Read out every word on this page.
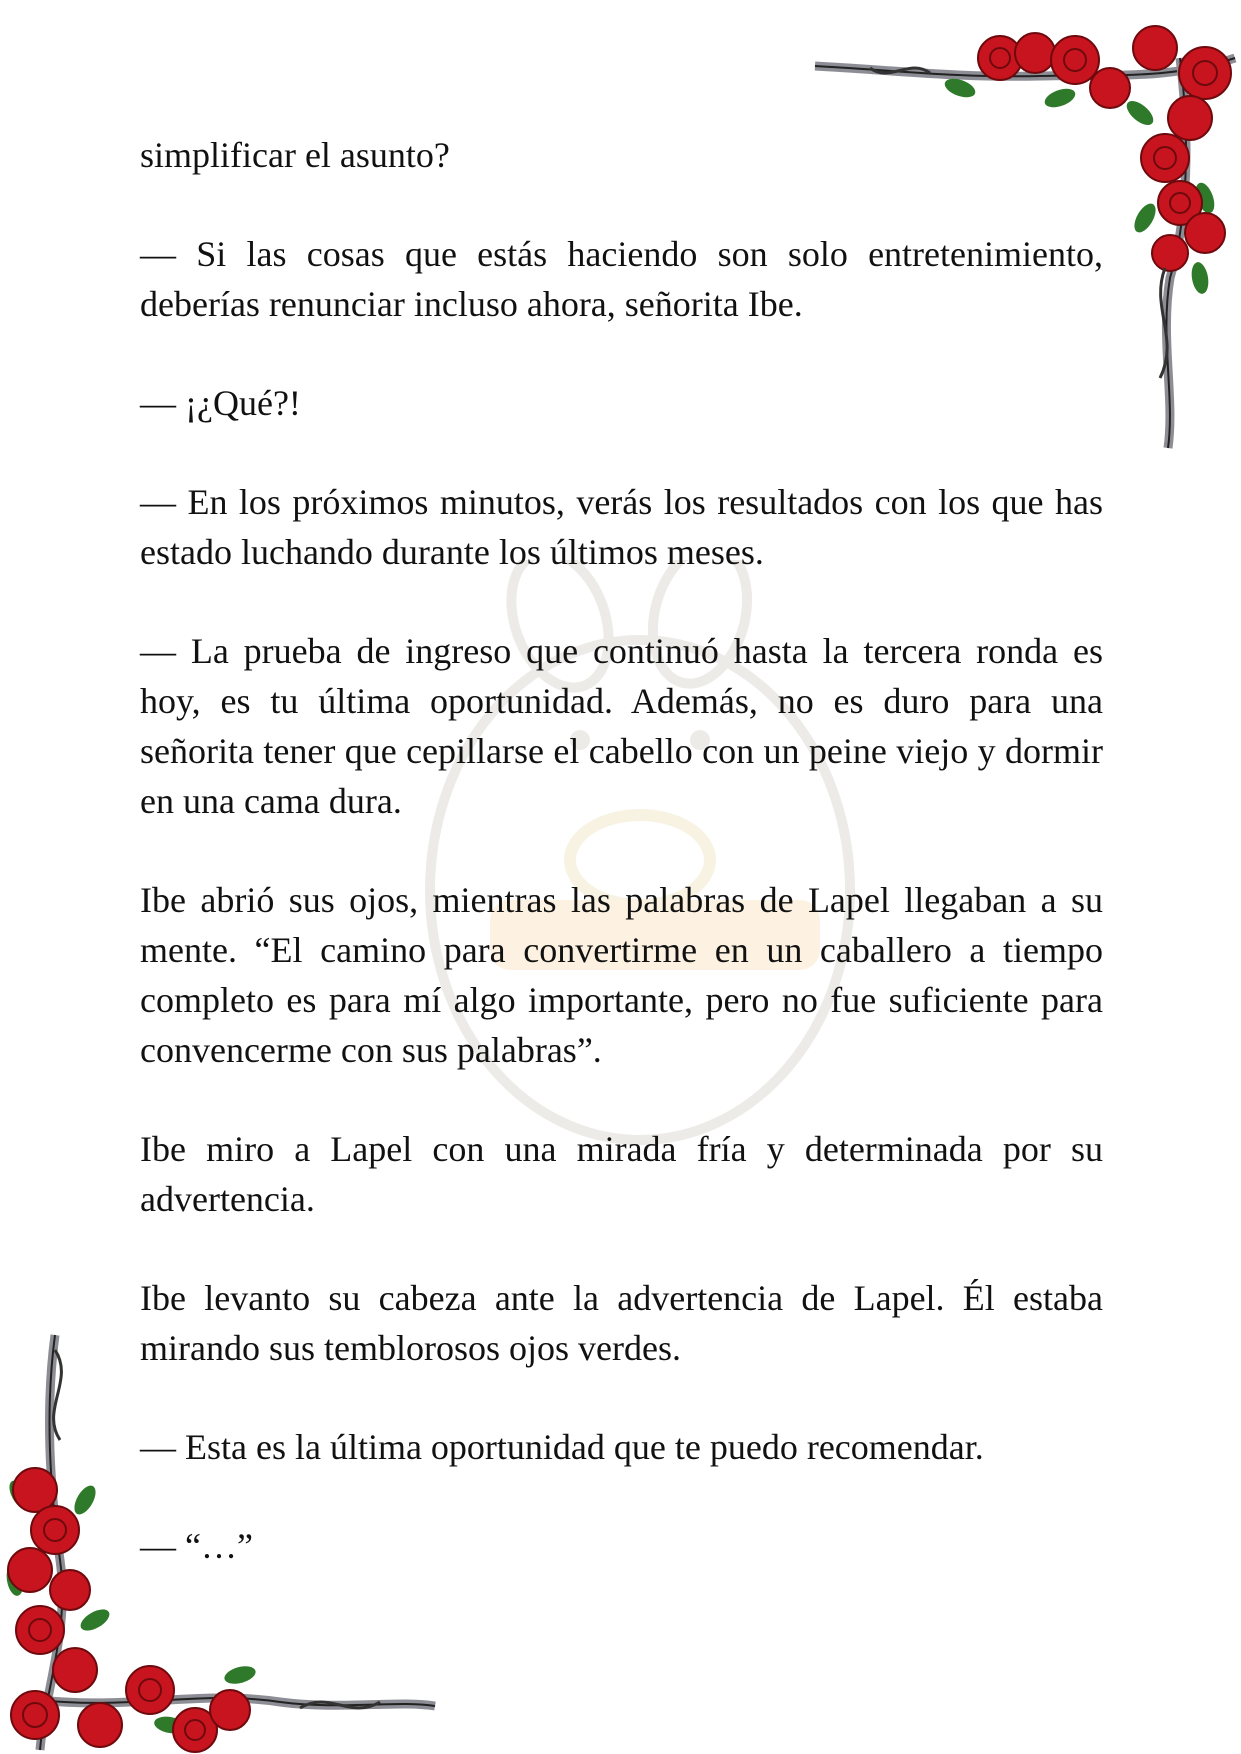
simplificar el asunto?

— Si las cosas que estás haciendo son solo entretenimiento, deberías renunciar incluso ahora, señorita Ibe.

— ¡¿Qué?!

— En los próximos minutos, verás los resultados con los que has estado luchando durante los últimos meses.

— La prueba de ingreso que continuó hasta la tercera ronda es hoy, es tu última oportunidad. Además, no es duro para una señorita tener que cepillarse el cabello con un peine viejo y dormir en una cama dura.

Ibe abrió sus ojos, mientras las palabras de Lapel llegaban a su mente. “El camino para convertirme en un caballero a tiempo completo es para mí algo importante, pero no fue suficiente para convencerme con sus palabras”.

Ibe miro a Lapel con una mirada fría y determinada por su advertencia.

Ibe levanto su cabeza ante la advertencia de Lapel. Él estaba mirando sus temblorosos ojos verdes.

— Esta es la última oportunidad que te puedo recomendar.

— “…”
